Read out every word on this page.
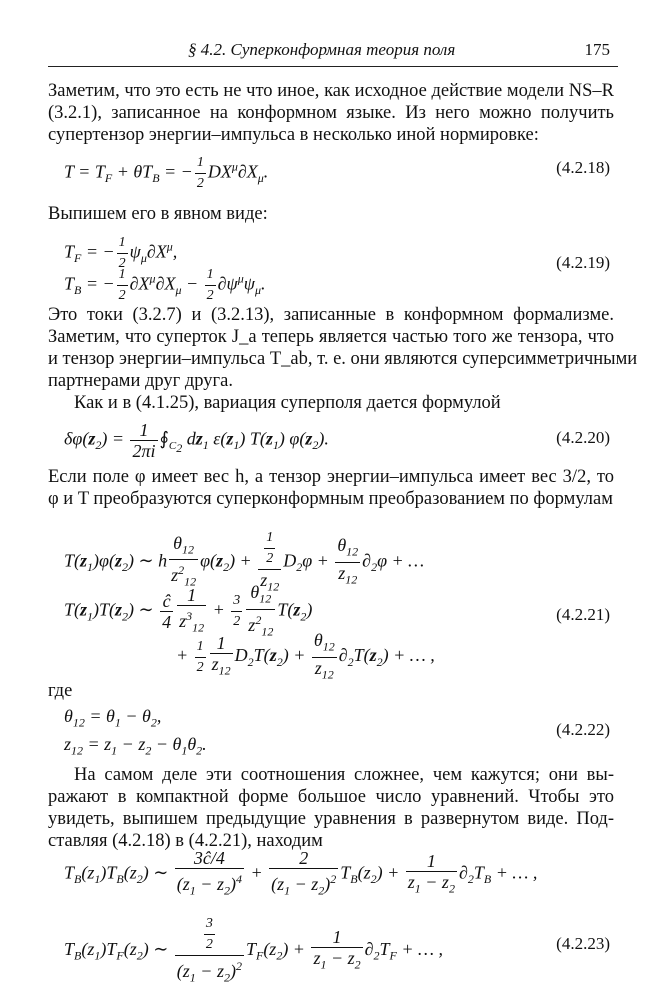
§ 4.2. Суперконформная теория поля	175
Заметим, что это есть не что иное, как исходное действие модели NS–R
(3.2.1), записанное на конформном языке. Из него можно получить
супертензор энергии–импульса в несколько иной нормировке:
$T = T_F + \theta T_B$ = − $\frac{1}{2} DX^\mu\partial X_\mu$.	(4.2.18)
Выпишем его в явном виде:
$T_F$ = − $\frac{1}{2} \psi_\mu\partial X^\mu$,
$T_B$ = − $\frac{1}{2} \partial X^\mu\partial X_\mu - \frac{1}{2} \partial\psi^\mu\psi_\mu$.
(4.2.19)
Это токи (3.2.7) и (3.2.13), записанные в конформном формализме.
Заметим, что суперток J_a теперь является частью того же тензора, что
и тензор энергии–импульса T_ab, т. е. они являются суперсимметричными
партнерами друг друга.
Как и в (4.1.25), вариация суперполя дается формулой
$\delta\varphi(z_2) = \frac{1}{2\pi i}$ $∮_{C_2}$ $dz_1$ $\varepsilon(z_1)$ $T(z_1)$ $\varphi(z_2)$.	(4.2.20)
Если поле φ имеет вес h, а тензор энергии–импульса имеет вес 3/2, то
φ и T преобразуются суперконформным преобразованием по формулам
$T(z_1)\varphi(z_2)$ ∼ h $\frac{\theta_{12}}{z^2_{12}} \varphi(z_2) + \frac{\frac{1}{2}}{z_{12}} D_2\varphi + \frac{\theta_{12}}{z_{12}} \partial_2\varphi$ + …
$T(z_1)T(z_2)$ ∼ $\frac{ĉ}{4} \frac{1}{z^3_{12}} + \frac{3}{2} \frac{\theta_{12}}{z^2_{12}} T(z_2)$	(4.2.21)
+ $\frac{1}{2} \frac{1}{z_{12}} D_2T(z_2) + \frac{\theta_{12}}{z_{12}} \partial_2T(z_2)$ + … ,
где
$\theta_{12} = \theta_1 - \theta_2$,
$z_{12} = z_1 - z_2 - \theta_1\theta_2$.
(4.2.22)
На самом деле эти соотношения сложнее, чем кажутся; они вы-
ражают в компактной форме большое число уравнений. Чтобы это
увидеть, выпишем предыдущие уравнения в развернутом виде. Под-
ставляя (4.2.18) в (4.2.21), находим
$T_B(z_1)T_B(z_2)$ ∼ $\frac{3ĉ/4}{(z_1 - z_2)^4} + \frac{2}{(z_1 - z_2)^2} T_B(z_2) + \frac{1}{z_1 - z_2} \partial_2T_B$ + … ,
$T_B(z_1)T_F(z_2)$ ∼ $\frac{\frac{3}{2}}{(z_1 - z_2)^2} T_F(z_2) + \frac{1}{z_1 - z_2} \partial_2T_F$ + … ,	(4.2.23)
